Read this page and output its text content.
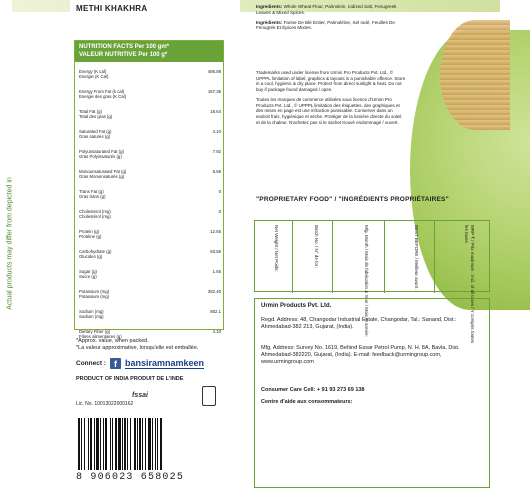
Actual products may differ from depicted in
METHI KHAKHRA
NUTRITION FACTS Per 100 gm*
VALEUR NUTRITIVE Per 100 g*
Energy (K cal)
Energie (K Cal)
485.88
Energy From Fat (k cal)
Energie des gras (K Cal)
167.36
Total Fat (g)
Total des gras (g)
18.64
Saturated Fat (g)
Gras saturés (g)
4.10
Polyunsaturated Fat (g)
Gras Polyinsaturés (g)
7.92
Monounsaturated Fat (g)
Gras Monoinsaturés (g)
5.69
Trans Fat (g)
Gras trans (g)
0
Cholesterol (mg)
Cholestérol (mg)
0
Protein (g)
Protéine (g)
12.65
Carbohydrate (g)
Glucides (g)
83.56
Sugar (g)
Sucre (g)
1.65
Potassium (mg)
Potassium (mg)
382.40
Sodium (mg)
Sodium (mg)
852.1
Dietary Fiber (g)
Fibres alimentaires (g)
4.10
*Approx. value, when packed.
*La valeur approximative, lorsqu'elle est emballée.
Connect : f bansiramnamkeen
PRODUCT OF INDIA PRODUIT DE L'INDE
fssai
Lic. No. 10013022000162
8 906023 658025

Ingredients: Whole Wheat Flour, Palmolein, Iodized Salt, Fenugreek Leaves & Mixed Spices.

Ingrédients: Farine De Blé Entier, Palmoléine, Sel Iodé, Feuilles De Fenugrek Et Épices Mixtes.

Trademarks used under license from Urmin Pro Products Pvt. Ltd., © UPPPL limitation of label, graphics & layouts is a punishable offence. Store in a cool, hygienic & dry place. Protect from direct sunlight & heat. Do not buy if package found damaged / open.

Toutes les marques de commerce utilisées sous licence d'Urmin Pro Products Pvt. Ltd., © UPPPL limitation des étiquettes, des graphiques et des mises en page est une infraction punissable. Conserver dans un endroit frais, hygiénique et sèche. Protéger de la lumière directe du soleil et de la chaleur. N'achetez pas si le sachet trouvé endommagé / ouvert.

"PROPRIETARY FOOD" / "INGRÉDIENTS PROPRIÉTAIRES"
Net Weight / Net Poids:	Batch No. / N° de lot :	Mfg. Month / Mois de fabrication & Year / Mois et année:	BEST BEFORE / Meilleur avant :	MRP ₹ / Prix maximum : Incl. of all taxes / Y compris toutes les taxes
Urmin Products Pvt. Ltd.
Regd. Address: 48, Changodar Industrial Estate, Changodar, Tal.: Sanand, Dist.: Ahmedabad-382 213, Gujarat, (India).
Mfg. Address: Survey No. 1619, Behind Essar Petrol Pump, N. H. 8A, Bavla, Dist. Ahmedabad-382220, Gujarat, (India). E-mail: feedback@urmingroup.com, www.urmingroup.com
Consumer Care Cell: + 91 93 273 69 138
Centre d'aide aux consommateurs:
